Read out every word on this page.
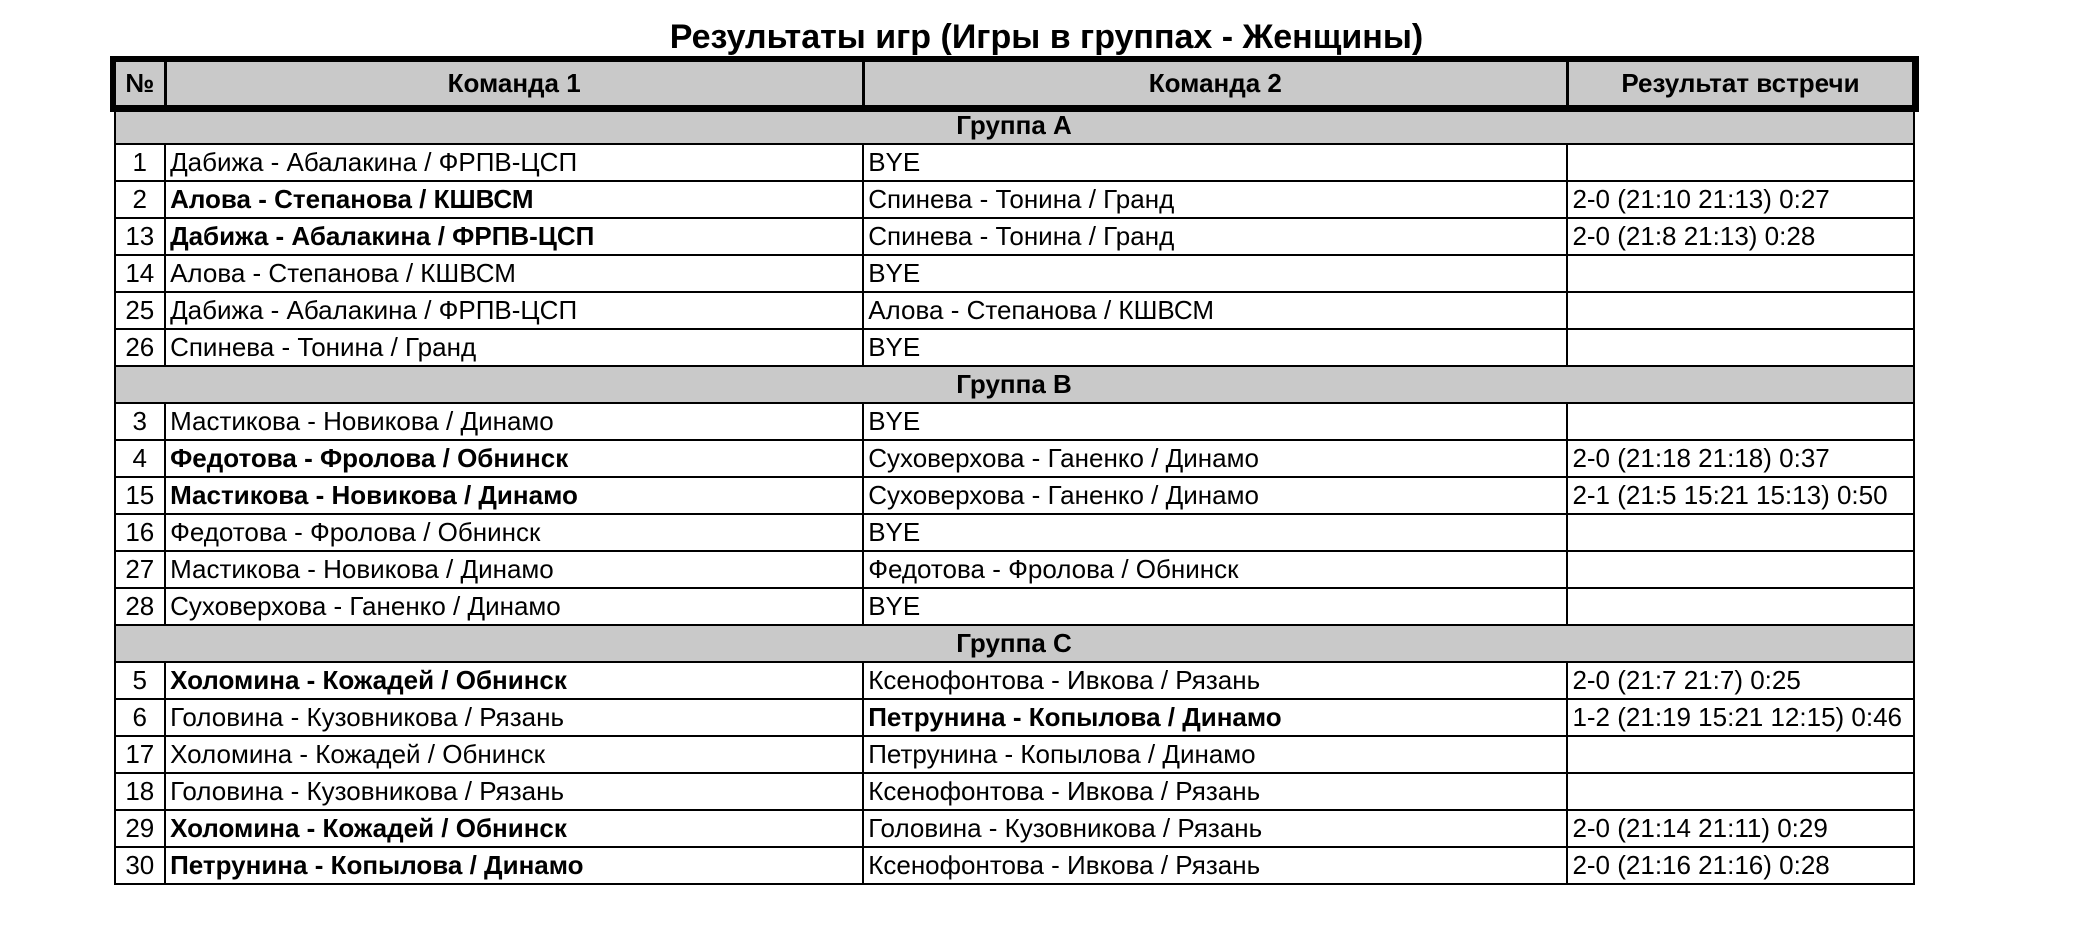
Результаты игр (Игры в группах - Женщины)
№	Команда 1	Команда 2	Результат встречи
Группа A			
1	Дабижа - Абалакина / ФРПВ-ЦСП	BYE	
2	Алова - Степанова / КШВСМ	Спинева - Тонина / Гранд	2-0 (21:10 21:13) 0:27
13	Дабижа - Абалакина / ФРПВ-ЦСП	Спинева - Тонина / Гранд	2-0 (21:8 21:13) 0:28
14	Алова - Степанова / КШВСМ	BYE	
25	Дабижа - Абалакина / ФРПВ-ЦСП	Алова - Степанова / КШВСМ	
26	Спинева - Тонина / Гранд	BYE	
Группа B			
3	Мастикова - Новикова / Динамо	BYE	
4	Федотова - Фролова / Обнинск	Суховерхова - Ганенко / Динамо	2-0 (21:18 21:18) 0:37
15	Мастикова - Новикова / Динамо	Суховерхова - Ганенко / Динамо	2-1 (21:5 15:21 15:13) 0:50
16	Федотова - Фролова / Обнинск	BYE	
27	Мастикова - Новикова / Динамо	Федотова - Фролова / Обнинск	
28	Суховерхова - Ганенко / Динамо	BYE	
Группа C			
5	Холомина - Кожадей / Обнинск	Ксенофонтова - Ивкова / Рязань	2-0 (21:7 21:7) 0:25
6	Головина - Кузовникова / Рязань	Петрунина - Копылова / Динамо	1-2 (21:19 15:21 12:15) 0:46
17	Холомина - Кожадей / Обнинск	Петрунина - Копылова / Динамо	
18	Головина - Кузовникова / Рязань	Ксенофонтова - Ивкова / Рязань	
29	Холомина - Кожадей / Обнинск	Головина - Кузовникова / Рязань	2-0 (21:14 21:11) 0:29
30	Петрунина - Копылова / Динамо	Ксенофонтова - Ивкова / Рязань	2-0 (21:16 21:16) 0:28
